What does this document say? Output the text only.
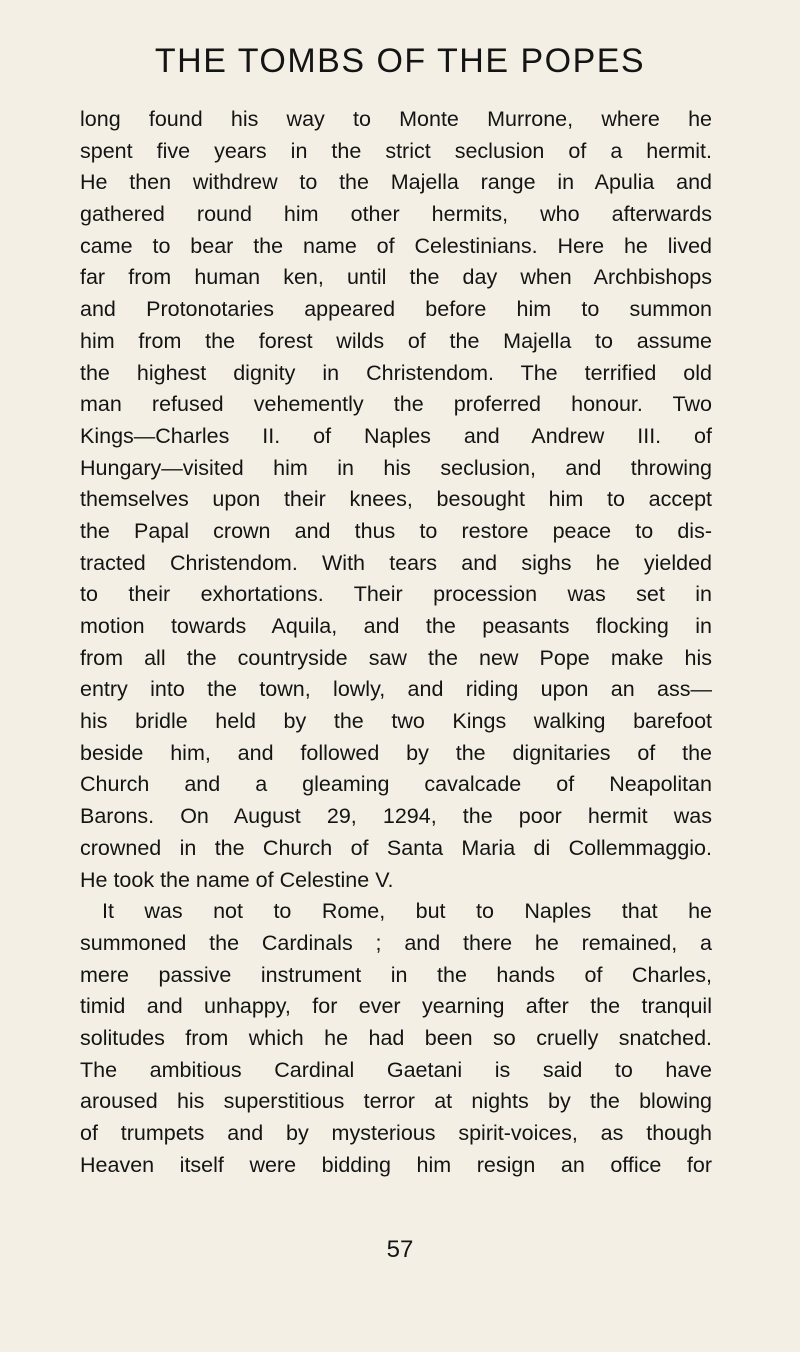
THE TOMBS OF THE POPES
long found his way to Monte Murrone, where he
spent five years in the strict seclusion of a hermit.
He then withdrew to the Majella range in Apulia and
gathered round him other hermits, who afterwards
came to bear the name of Celestinians. Here he lived
far from human ken, until the day when Archbishops
and Protonotaries appeared before him to summon
him from the forest wilds of the Majella to assume
the highest dignity in Christendom. The terrified old
man refused vehemently the proferred honour. Two
Kings—Charles II. of Naples and Andrew III. of
Hungary—visited him in his seclusion, and throwing
themselves upon their knees, besought him to accept
the Papal crown and thus to restore peace to dis-
tracted Christendom. With tears and sighs he yielded
to their exhortations. Their procession was set in
motion towards Aquila, and the peasants flocking in
from all the countryside saw the new Pope make his
entry into the town, lowly, and riding upon an ass—
his bridle held by the two Kings walking barefoot
beside him, and followed by the dignitaries of the
Church and a gleaming cavalcade of Neapolitan
Barons. On August 29, 1294, the poor hermit was
crowned in the Church of Santa Maria di Collemmaggio.
He took the name of Celestine V.
It was not to Rome, but to Naples that he
summoned the Cardinals ; and there he remained, a
mere passive instrument in the hands of Charles,
timid and unhappy, for ever yearning after the tranquil
solitudes from which he had been so cruelly snatched.
The ambitious Cardinal Gaetani is said to have
aroused his superstitious terror at nights by the blowing
of trumpets and by mysterious spirit-voices, as though
Heaven itself were bidding him resign an office for
57
